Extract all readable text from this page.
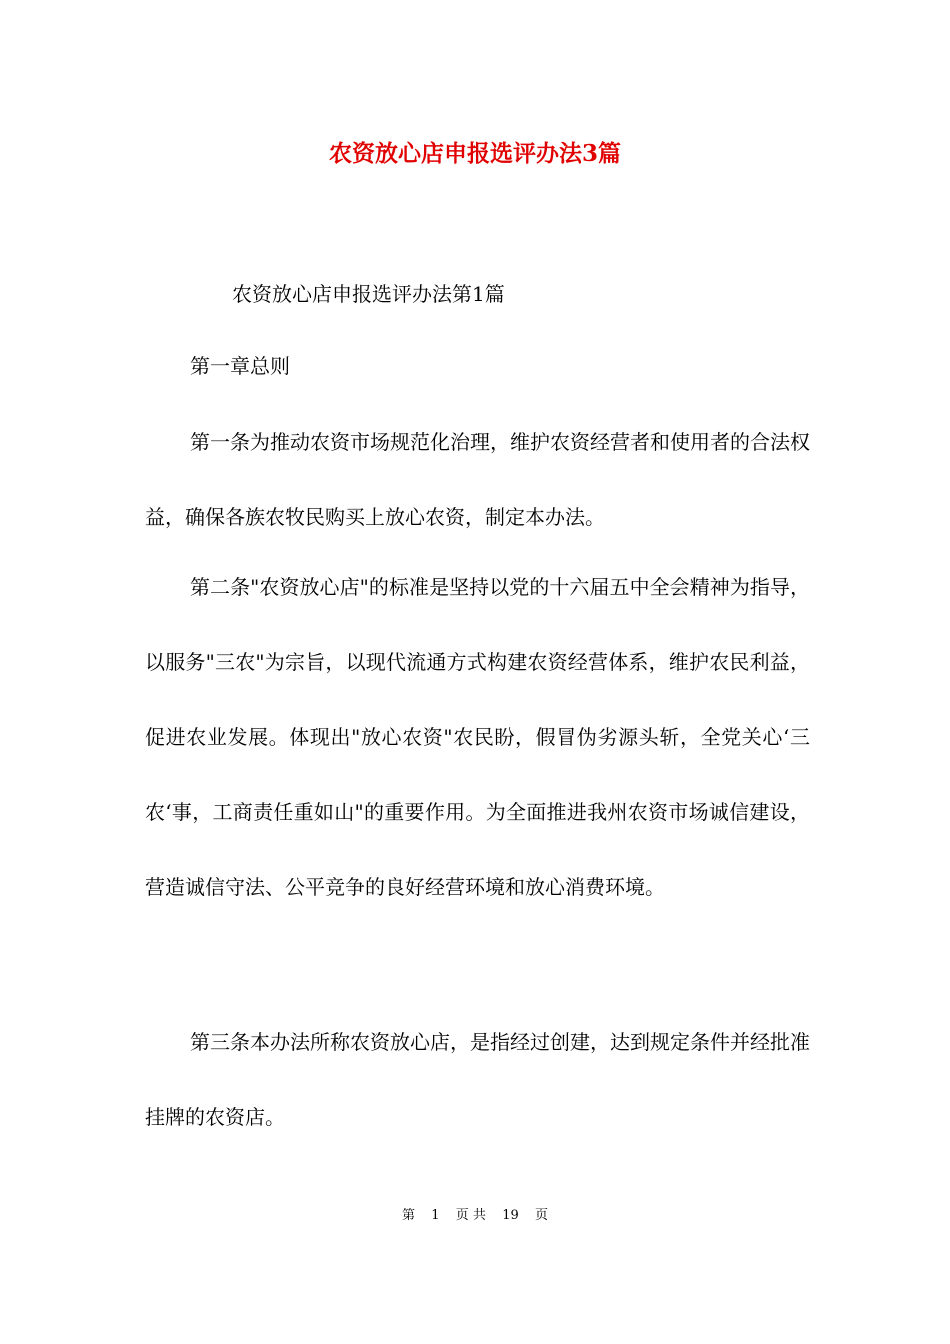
农资放心店申报选评办法3篇

农资放心店申报选评办法第1篇

第一章总则

第一条为推动农资市场规范化治理，维护农资经营者和使用者的合法权益，确保各族农牧民购买上放心农资，制定本办法。

第二条"农资放心店"的标准是坚持以党的十六届五中全会精神为指导，以服务"三农"为宗旨，以现代流通方式构建农资经营体系，维护农民利益，促进农业发展。体现出"放心农资"农民盼，假冒伪劣源头斩，全党关心‘三农‘事，工商责任重如山"的重要作用。为全面推进我州农资市场诚信建设，营造诚信守法、公平竞争的良好经营环境和放心消费环境。

第三条本办法所称农资放心店，是指经过创建，达到规定条件并经批准挂牌的农资店。

第 1 页 共 19 页
